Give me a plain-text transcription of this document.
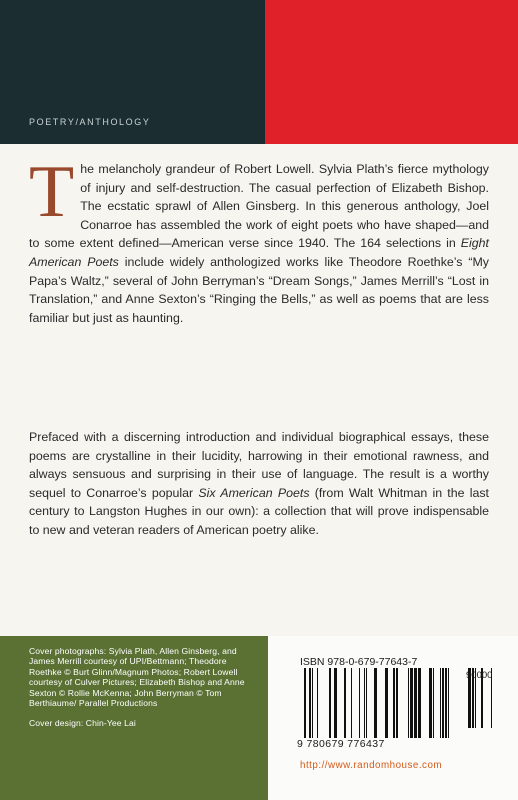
POETRY/ANTHOLOGY

T he melancholy grandeur of Robert Lowell. Sylvia Plath’s fierce mythology of injury and self-destruction. The casual perfection of Elizabeth Bishop. The ecstatic sprawl of Allen Ginsberg. In this generous anthology, Joel Conarroe has assembled the work of eight poets who have shaped—and to some extent defined—American verse since 1940. The 164 selections in Eight American Poets include widely anthologized works like Theodore Roethke’s “My Papa’s Waltz,” several of John Berryman’s “Dream Songs,” James Merrill’s “Lost in Translation,” and Anne Sexton’s “Ringing the Bells,” as well as poems that are less familiar but just as haunting.

Prefaced with a discerning introduction and individual biographical essays, these poems are crystalline in their lucidity, harrowing in their emotional rawness, and always sensuous and surprising in their use of language. The result is a worthy sequel to Conarroe’s popular Six American Poets (from Walt Whitman in the last century to Langston Hughes in our own): a collection that will prove indispensable to new and veteran readers of American poetry alike.

Cover photographs: Sylvia Plath, Allen Ginsberg, and James Merrill courtesy of UPI/Bettmann; Theodore Roethke © Burt Glinn/Magnum Photos; Robert Lowell courtesy of Culver Pictures; Elizabeth Bishop and Anne Sexton © Rollie McKenna; John Berryman © Tom Berthiaume/ Parallel Productions
Cover design: Chin-Yee Lai
ISBN 978-0-679-77643-7
90000
9 780679 776437
http://www.randomhouse.com
